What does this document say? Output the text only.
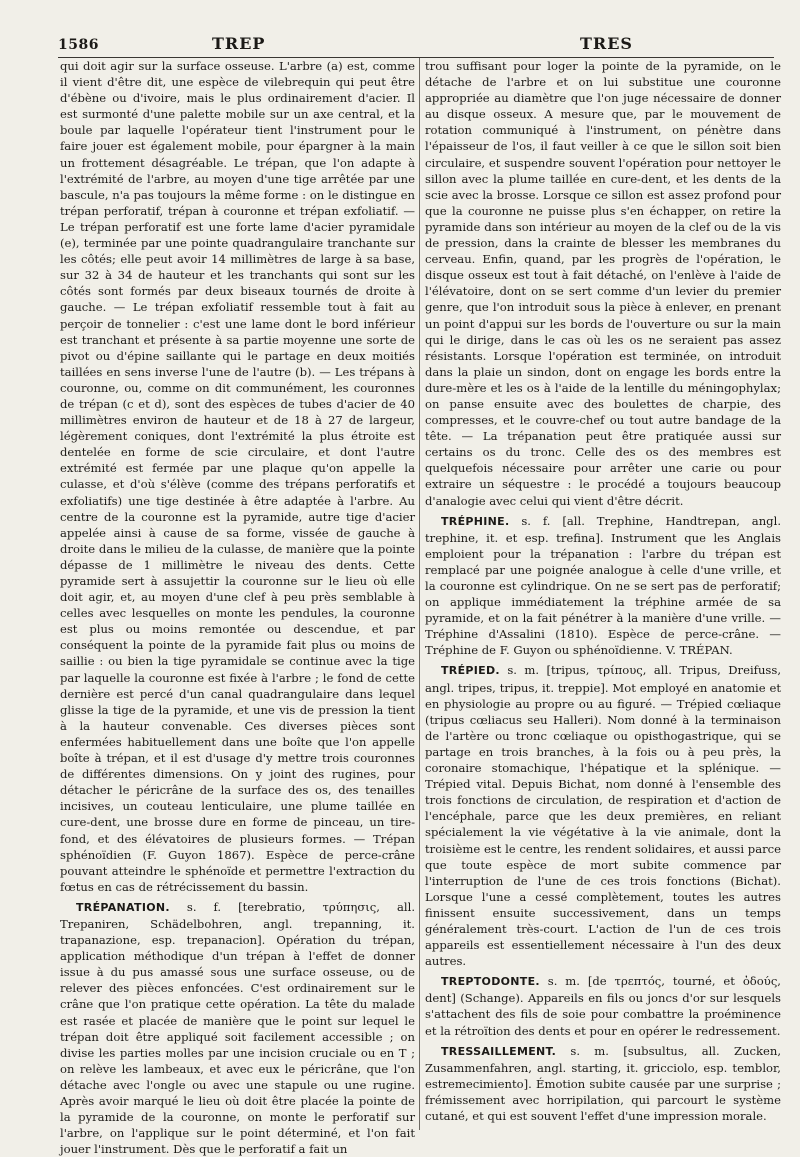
1586	TREP	TRES

qui doit agir sur la surface osseuse. L'arbre (a) est, comme il vient d'être dit, une espèce de vilebrequin qui peut être d'ébène ou d'ivoire, mais le plus ordinairement d'acier. Il est surmonté d'une palette mobile sur un axe central, et la boule par laquelle l'opérateur tient l'instrument pour le faire jouer est également mobile, pour épargner à la main un frottement désagréable. Le trépan, que l'on adapte à l'extrémité de l'arbre, au moyen d'une tige arrêtée par une bascule, n'a pas toujours la même forme : on le distingue en trépan perforatif, trépan à couronne et trépan exfoliatif. — Le trépan perforatif est une forte lame d'acier pyramidale (e), terminée par une pointe quadrangulaire tranchante sur les côtés; elle peut avoir 14 millimètres de large à sa base, sur 32 à 34 de hauteur et les tranchants qui sont sur les côtés sont formés par deux biseaux tournés de droite à gauche. — Le trépan exfoliatif ressemble tout à fait au perçoir de tonnelier : c'est une lame dont le bord inférieur est tranchant et présente à sa partie moyenne une sorte de pivot ou d'épine saillante qui le partage en deux moitiés taillées en sens inverse l'une de l'autre (b). — Les trépans à couronne, ou, comme on dit communément, les couronnes de trépan (c et d), sont des espèces de tubes d'acier de 40 millimètres environ de hauteur et de 18 à 27 de largeur, légèrement coniques, dont l'extrémité la plus étroite est dentelée en forme de scie circulaire, et dont l'autre extrémité est fermée par une plaque qu'on appelle la culasse, et d'où s'élève (comme des trépans perforatifs et exfoliatifs) une tige destinée à être adaptée à l'arbre. Au centre de la couronne est la pyramide, autre tige d'acier appelée ainsi à cause de sa forme, vissée de gauche à droite dans le milieu de la culasse, de manière que la pointe dépasse de 1 millimètre le niveau des dents. Cette pyramide sert à assujettir la couronne sur le lieu où elle doit agir, et, au moyen d'une clef à peu près semblable à celles avec lesquelles on monte les pendules, la couronne est plus ou moins remontée ou descendue, et par conséquent la pointe de la pyramide fait plus ou moins de saillie : ou bien la tige pyramidale se continue avec la tige par laquelle la couronne est fixée à l'arbre ; le fond de cette dernière est percé d'un canal quadrangulaire dans lequel glisse la tige de la pyramide, et une vis de pression la tient à la hauteur convenable. Ces diverses pièces sont enfermées habituellement dans une boîte que l'on appelle boîte à trépan, et il est d'usage d'y mettre trois couronnes de différentes dimensions. On y joint des rugines, pour détacher le péricrâne de la surface des os, des tenailles incisives, un couteau lenticulaire, une plume taillée en cure-dent, une brosse dure en forme de pinceau, un tire-fond, et des élévatoires de plusieurs formes. — Trépan sphénoïdien (F. Guyon 1867). Espèce de perce-crâne pouvant atteindre le sphénoïde et permettre l'extraction du fœtus en cas de rétrécissement du bassin.

TRÉPANATION. s. f. [terebratio, τρύπησις, all. Trepaniren, Schädelbohren, angl. trepanning, it. trapanazione, esp. trepanacion]. Opération du trépan, application méthodique d'un trépan à l'effet de donner issue à du pus amassé sous une surface osseuse, ou de relever des pièces enfoncées. C'est ordinairement sur le crâne que l'on pratique cette opération. La tête du malade est rasée et placée de manière que le point sur lequel le trépan doit être appliqué soit facilement accessible ; on divise les parties molles par une incision cruciale ou en T ; on relève les lambeaux, et avec eux le péricrâne, que l'on détache avec l'ongle ou avec une stapule ou une rugine. Après avoir marqué le lieu où doit être placée la pointe de la pyramide de la couronne, on monte le perforatif sur l'arbre, on l'applique sur le point déterminé, et l'on fait jouer l'instrument. Dès que le perforatif a fait un

trou suffisant pour loger la pointe de la pyramide, on le détache de l'arbre et on lui substitue une couronne appropriée au diamètre que l'on juge nécessaire de donner au disque osseux. A mesure que, par le mouvement de rotation communiqué à l'instrument, on pénètre dans l'épaisseur de l'os, il faut veiller à ce que le sillon soit bien circulaire, et suspendre souvent l'opération pour nettoyer le sillon avec la plume taillée en cure-dent, et les dents de la scie avec la brosse. Lorsque ce sillon est assez profond pour que la couronne ne puisse plus s'en échapper, on retire la pyramide dans son intérieur au moyen de la clef ou de la vis de pression, dans la crainte de blesser les membranes du cerveau. Enfin, quand, par les progrès de l'opération, le disque osseux est tout à fait détaché, on l'enlève à l'aide de l'élévatoire, dont on se sert comme d'un levier du premier genre, que l'on introduit sous la pièce à enlever, en prenant un point d'appui sur les bords de l'ouverture ou sur la main qui le dirige, dans le cas où les os ne seraient pas assez résistants. Lorsque l'opération est terminée, on introduit dans la plaie un sindon, dont on engage les bords entre la dure-mère et les os à l'aide de la lentille du méningophylax; on panse ensuite avec des boulettes de charpie, des compresses, et le couvre-chef ou tout autre bandage de la tête. — La trépanation peut être pratiquée aussi sur certains os du tronc. Celle des os des membres est quelquefois nécessaire pour arrêter une carie ou pour extraire un séquestre : le procédé a toujours beaucoup d'analogie avec celui qui vient d'être décrit.

TRÉPHINE. s. f. [all. Trephine, Handtrepan, angl. trephine, it. et esp. trefina]. Instrument que les Anglais emploient pour la trépanation : l'arbre du trépan est remplacé par une poignée analogue à celle d'une vrille, et la couronne est cylindrique. On ne se sert pas de perforatif; on applique immédiatement la tréphine armée de sa pyramide, et on la fait pénétrer à la manière d'une vrille. — Tréphine d'Assalini (1810). Espèce de perce-crâne. — Tréphine de F. Guyon ou sphénoïdienne. V. TRÉPAN.

TRÉPIED. s. m. [tripus, τρίπους, all. Tripus, Dreifuss, angl. tripes, tripus, it. treppie]. Mot employé en anatomie et en physiologie au propre ou au figuré. — Trépied cœliaque (tripus cœliacus seu Halleri). Nom donné à la terminaison de l'artère ou tronc cœliaque ou opisthogastrique, qui se partage en trois branches, à la fois ou à peu près, la coronaire stomachique, l'hépatique et la splénique. — Trépied vital. Depuis Bichat, nom donné à l'ensemble des trois fonctions de circulation, de respiration et d'action de l'encéphale, parce que les deux premières, en reliant spécialement la vie végétative à la vie animale, dont la troisième est le centre, les rendent solidaires, et aussi parce que toute espèce de mort subite commence par l'interruption de l'une de ces trois fonctions (Bichat). Lorsque l'une a cessé complètement, toutes les autres finissent ensuite successivement, dans un temps généralement très-court. L'action de l'un de ces trois appareils est essentiellement nécessaire à l'un des deux autres.

TREPTODONTE. s. m. [de τρεπτός, tourné, et ὀδούς, dent] (Schange). Appareils en fils ou joncs d'or sur lesquels s'attachent des fils de soie pour combattre la proéminence et la rétroïtion des dents et pour en opérer le redressement.

TRESSAILLEMENT. s. m. [subsultus, all. Zucken, Zusammenfahren, angl. starting, it. gricciolo, esp. temblor, estremecimiento]. Émotion subite causée par une surprise ; frémissement avec horripilation, qui parcourt le système cutané, et qui est souvent l'effet d'une impression morale.
